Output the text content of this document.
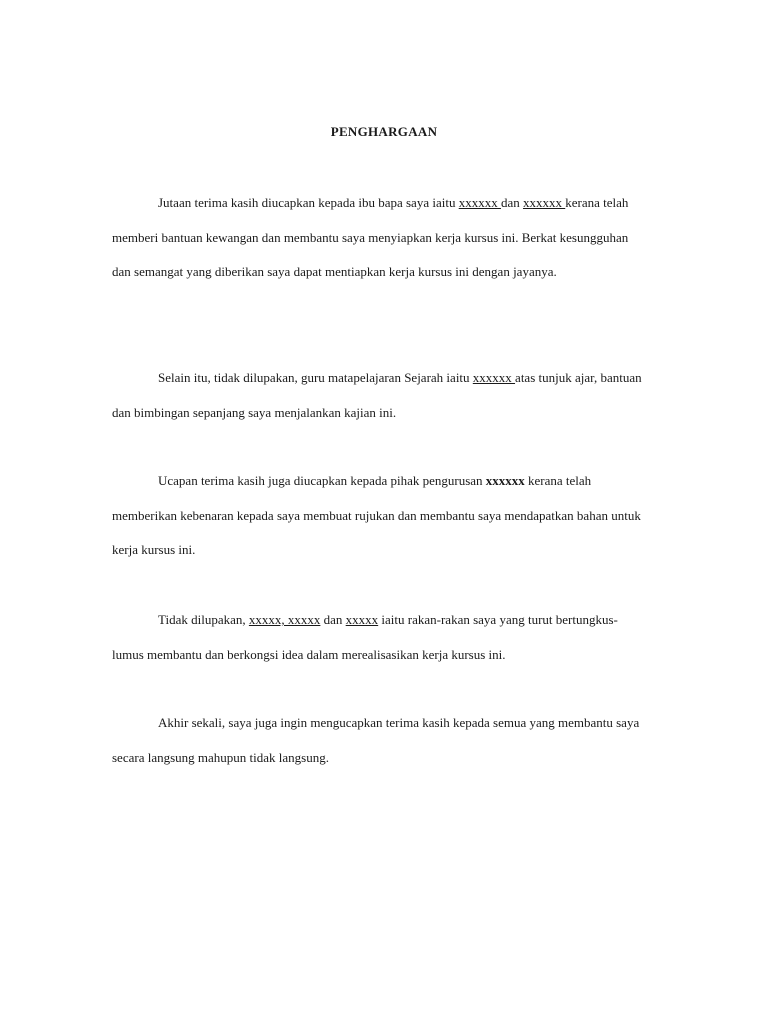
PENGHARGAAN

Jutaan terima kasih diucapkan kepada ibu bapa saya iaitu xxxxxx dan xxxxxx kerana telah memberi bantuan kewangan dan membantu saya menyiapkan kerja kursus ini. Berkat kesungguhan dan semangat yang diberikan saya dapat mentiapkan kerja kursus ini dengan jayanya.

Selain itu, tidak dilupakan, guru matapelajaran Sejarah iaitu xxxxxx atas tunjuk ajar, bantuan dan bimbingan sepanjang saya menjalankan kajian ini.

Ucapan terima kasih juga diucapkan kepada pihak pengurusan xxxxxx kerana telah memberikan kebenaran kepada saya membuat rujukan dan membantu saya mendapatkan bahan untuk kerja kursus ini.

Tidak dilupakan, xxxxx, xxxxx dan xxxxx iaitu rakan-rakan saya yang turut bertungkus-lumus membantu dan berkongsi idea dalam merealisasikan kerja kursus ini.

Akhir sekali, saya juga ingin mengucapkan terima kasih kepada semua yang membantu saya secara langsung mahupun tidak langsung.
